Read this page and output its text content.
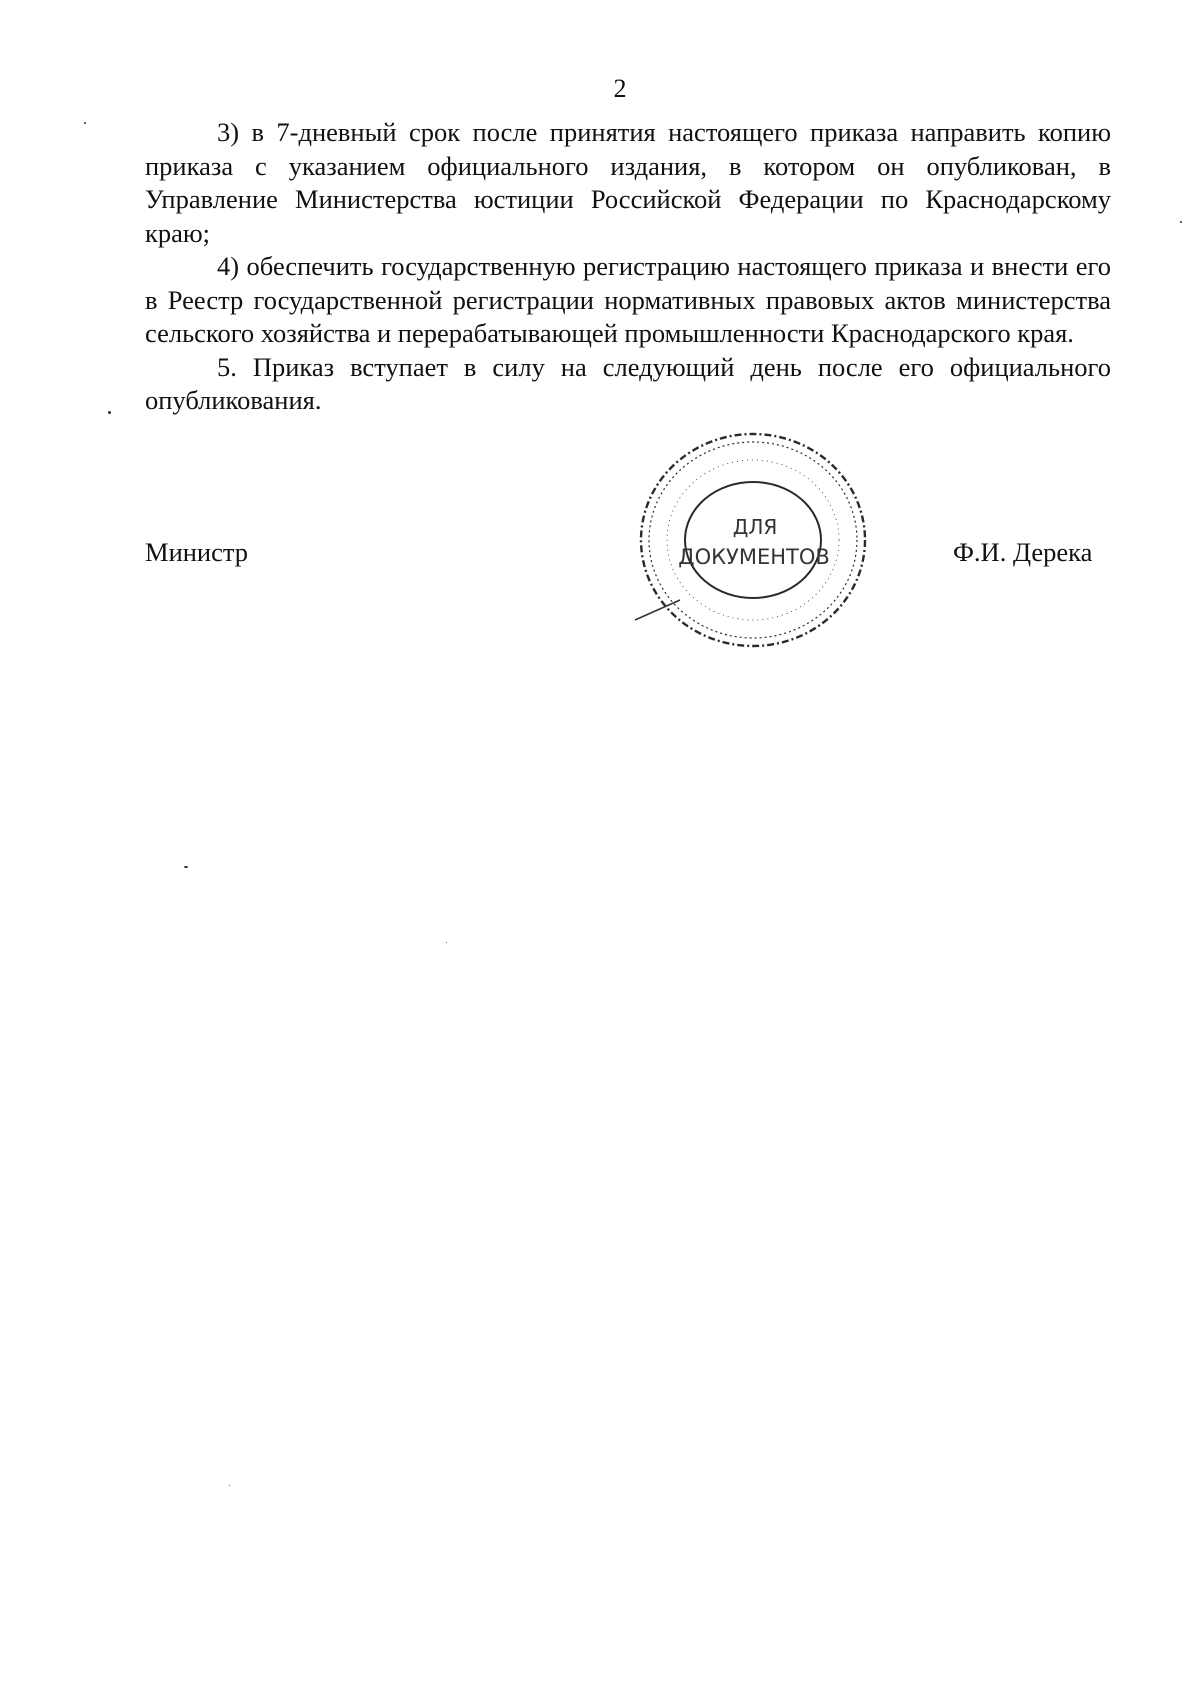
2

3) в 7-дневный срок после принятия настоящего приказа направить копию приказа с указанием официального издания, в котором он опубликован, в Управление Министерства юстиции Российской Федерации по Краснодарскому краю;

4) обеспечить государственную регистрацию настоящего приказа и внести его в Реестр государственной регистрации нормативных правовых актов министерства сельского хозяйства и перерабатывающей промышленности Краснодарского края.

5. Приказ вступает в силу на следующий день после его официального опубликования.

ДЛЯ
ДОКУМЕНТОВ
Министр	Ф.И. Дерека
